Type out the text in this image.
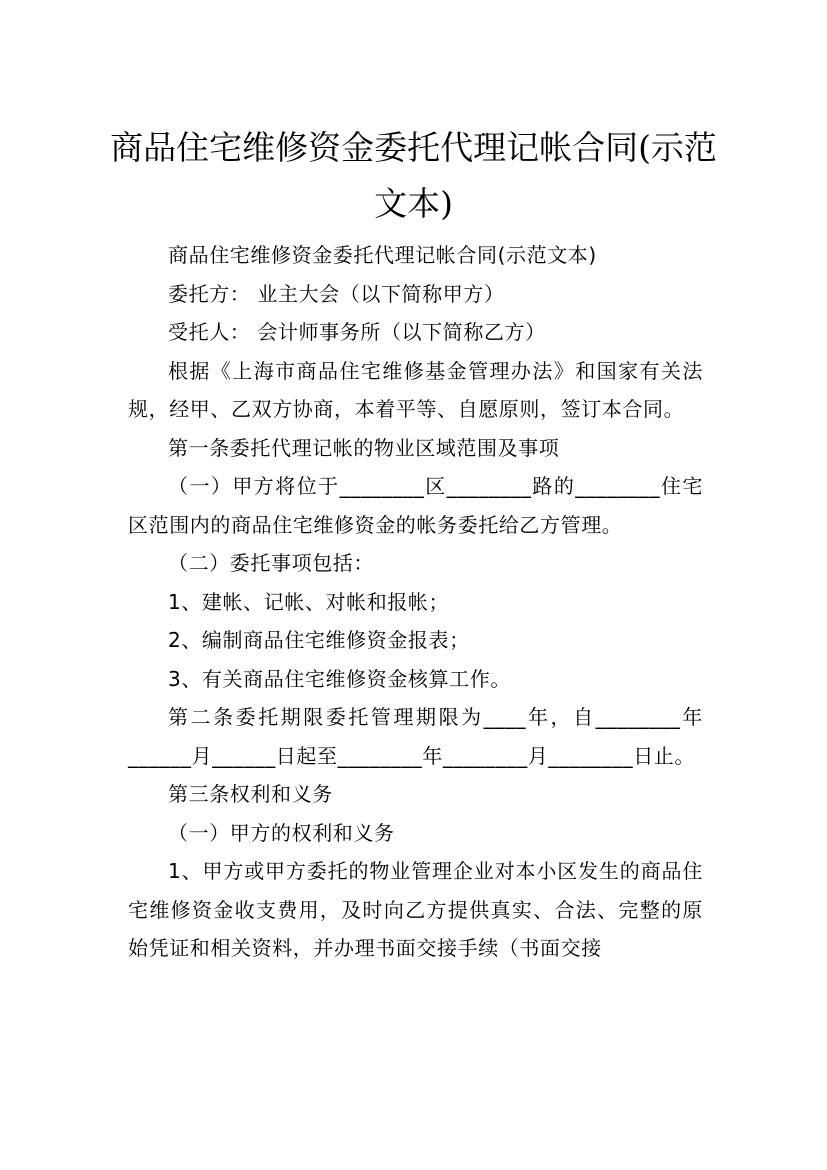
商品住宅维修资金委托代理记帐合同(示范文本)

商品住宅维修资金委托代理记帐合同(示范文本)

委托方： 业主大会（以下简称甲方）

受托人： 会计师事务所（以下简称乙方）

根据《上海市商品住宅维修基金管理办法》和国家有关法规，经甲、乙双方协商，本着平等、自愿原则，签订本合同。

第一条委托代理记帐的物业区域范围及事项

（一）甲方将位于________区________路的________住宅区范围内的商品住宅维修资金的帐务委托给乙方管理。

（二）委托事项包括：

1、建帐、记帐、对帐和报帐；

2、编制商品住宅维修资金报表；

3、有关商品住宅维修资金核算工作。

第二条委托期限委托管理期限为____年，自________年______月______日起至________年________月________日止。

第三条权利和义务

（一）甲方的权利和义务

1、甲方或甲方委托的物业管理企业对本小区发生的商品住宅维修资金收支费用，及时向乙方提供真实、合法、完整的原始凭证和相关资料，并办理书面交接手续（书面交接
